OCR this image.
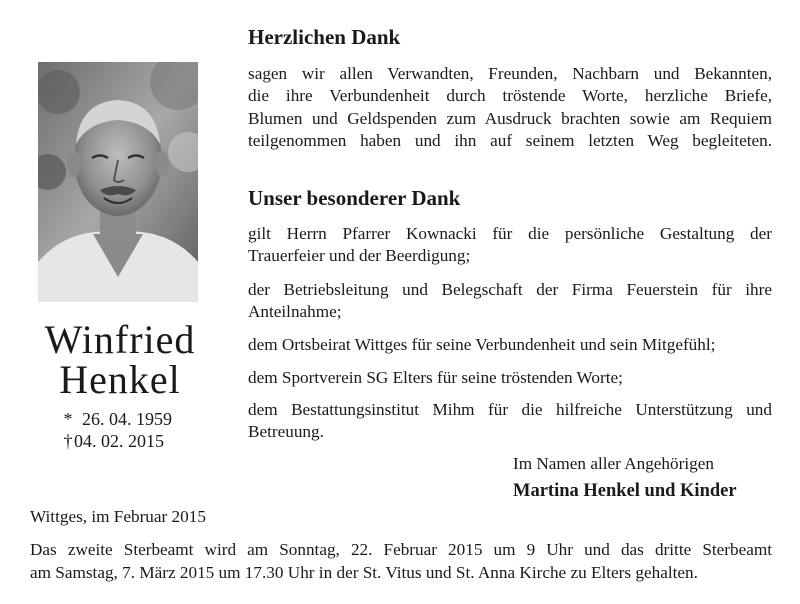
Winfried
Henkel
* 26. 04. 1959
† 04. 02. 2015
Herzlichen Dank
sagen wir allen Verwandten, Freunden, Nachbarn und Bekannten,
die ihre Verbundenheit durch tröstende Worte, herzliche Briefe,
Blumen und Geldspenden zum Ausdruck brachten sowie am Requiem
teilgenommen haben und ihn auf seinem letzten Weg begleiteten.
Unser besonderer Dank
gilt Herrn Pfarrer Kownacki für die persönliche Gestaltung der
Trauerfeier und der Beerdigung;
der Betriebsleitung und Belegschaft der Firma Feuerstein für ihre
Anteilnahme;
dem Ortsbeirat Wittges für seine Verbundenheit und sein Mitgefühl;
dem Sportverein SG Elters für seine tröstenden Worte;
dem Bestattungsinstitut Mihm für die hilfreiche Unterstützung und
Betreuung.
Im Namen aller Angehörigen
Martina Henkel und Kinder
Wittges, im Februar 2015
Das zweite Sterbeamt wird am Sonntag, 22. Februar 2015 um 9 Uhr und das dritte Sterbeamt
am Samstag, 7. März 2015 um 17.30 Uhr in der St. Vitus und St. Anna Kirche zu Elters gehalten.
